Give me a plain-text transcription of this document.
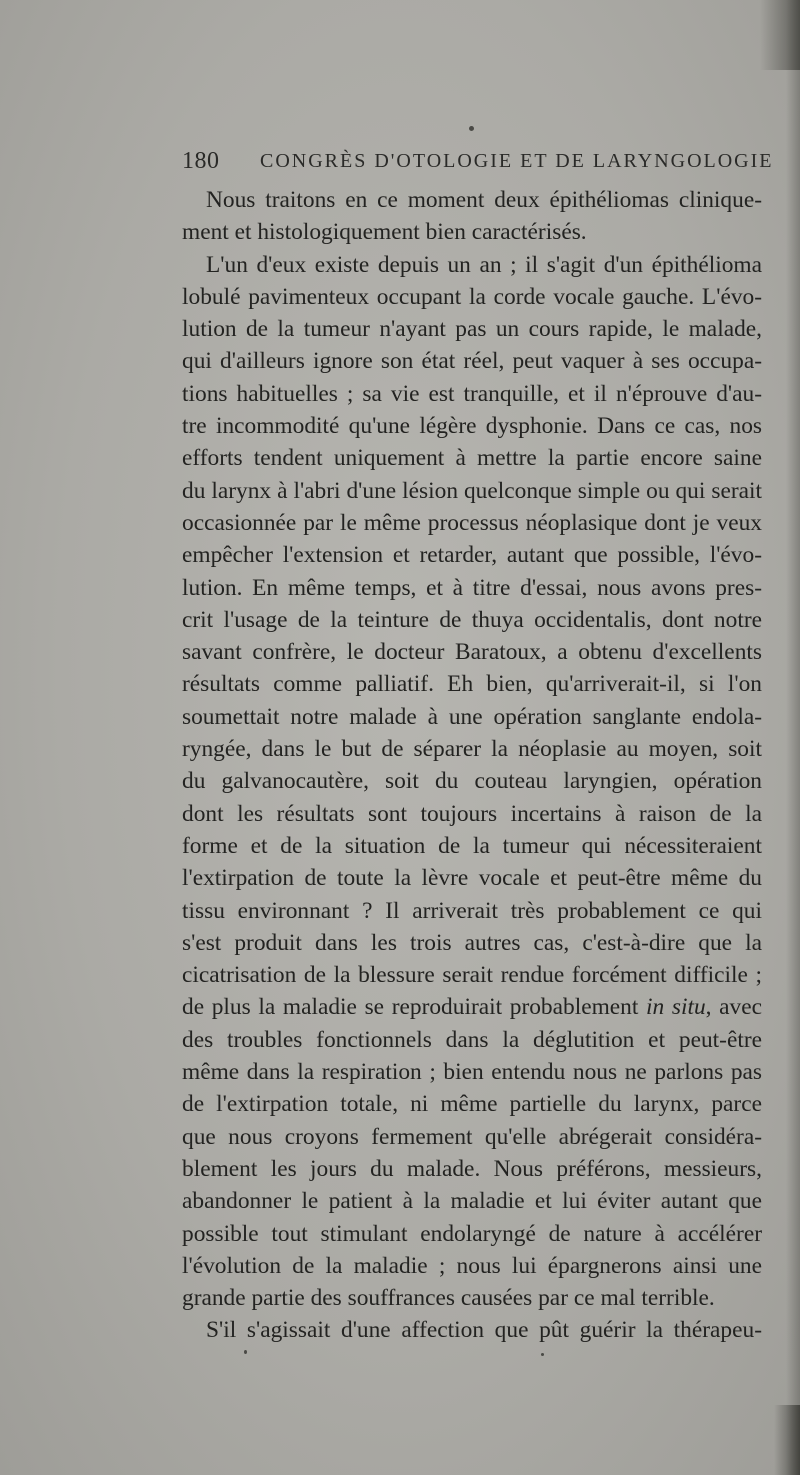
180 CONGRÈS D'OTOLOGIE ET DE LARYNGOLOGIE
Nous traitons en ce moment deux épithéliomas clinique-
ment et histologiquement bien caractérisés.
L'un d'eux existe depuis un an ; il s'agit d'un épithélioma
lobulé pavimenteux occupant la corde vocale gauche. L'évo-
lution de la tumeur n'ayant pas un cours rapide, le malade,
qui d'ailleurs ignore son état réel, peut vaquer à ses occupa-
tions habituelles ; sa vie est tranquille, et il n'éprouve d'au-
tre incommodité qu'une légère dysphonie. Dans ce cas, nos
efforts tendent uniquement à mettre la partie encore saine
du larynx à l'abri d'une lésion quelconque simple ou qui serait
occasionnée par le même processus néoplasique dont je veux
empêcher l'extension et retarder, autant que possible, l'évo-
lution. En même temps, et à titre d'essai, nous avons pres-
crit l'usage de la teinture de thuya occidentalis, dont notre
savant confrère, le docteur Baratoux, a obtenu d'excellents
résultats comme palliatif. Eh bien, qu'arriverait-il, si l'on
soumettait notre malade à une opération sanglante endola-
ryngée, dans le but de séparer la néoplasie au moyen, soit
du galvanocautère, soit du couteau laryngien, opération
dont les résultats sont toujours incertains à raison de la
forme et de la situation de la tumeur qui nécessiteraient
l'extirpation de toute la lèvre vocale et peut-être même du
tissu environnant ? Il arriverait très probablement ce qui
s'est produit dans les trois autres cas, c'est-à-dire que la
cicatrisation de la blessure serait rendue forcément difficile ;
de plus la maladie se reproduirait probablement in situ, avec
des troubles fonctionnels dans la déglutition et peut-être
même dans la respiration ; bien entendu nous ne parlons pas
de l'extirpation totale, ni même partielle du larynx, parce
que nous croyons fermement qu'elle abrégerait considéra-
blement les jours du malade. Nous préférons, messieurs,
abandonner le patient à la maladie et lui éviter autant que
possible tout stimulant endolaryngé de nature à accélérer
l'évolution de la maladie ; nous lui épargnerons ainsi une
grande partie des souffrances causées par ce mal terrible.
S'il s'agissait d'une affection que pût guérir la thérapeu-
